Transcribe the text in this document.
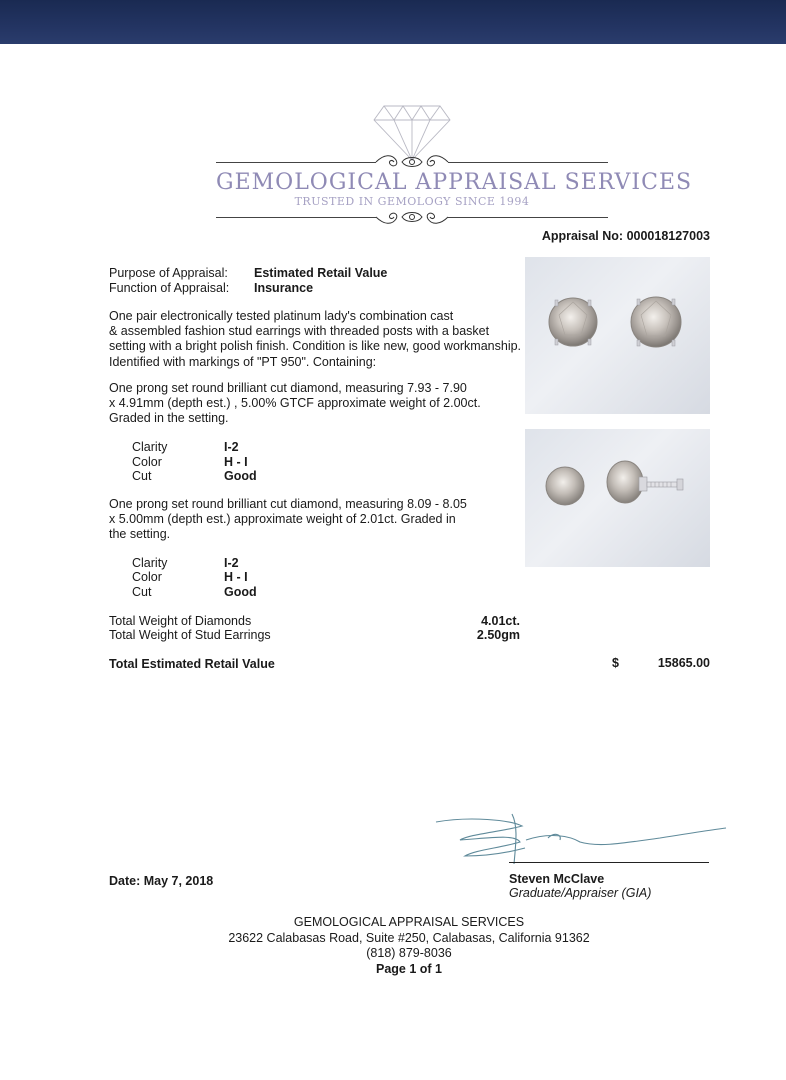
GEMOLOGICAL APPRAISAL SERVICES
TRUSTED IN GEMOLOGY SINCE 1994
Appraisal No: 000018127003
Purpose of Appraisal: Estimated Retail Value
Function of Appraisal: Insurance
One pair electronically tested platinum lady's combination cast
& assembled fashion stud earrings with threaded posts with a basket
setting with a bright polish finish. Condition is like new, good workmanship.
Identified with markings of "PT 950". Containing:
One prong set round brilliant cut diamond, measuring 7.93 - 7.90
x 4.91mm (depth est.) , 5.00% GTCF approximate weight of 2.00ct.
Graded in the setting.
Clarity	I-2
Color	H - I
Cut	Good
One prong set round brilliant cut diamond, measuring 8.09 - 8.05
x 5.00mm (depth est.) approximate weight of 2.01ct. Graded in
the setting.
Clarity	I-2
Color	H - I
Cut	Good
Total Weight of Diamonds	4.01ct.
Total Weight of Stud Earrings	2.50gm
Total Estimated Retail Value	$	15865.00
Date: May 7, 2018	Steven McClave
Graduate/Appraiser (GIA)
GEMOLOGICAL APPRAISAL SERVICES
23622 Calabasas Road, Suite #250, Calabasas, California 91362
(818) 879-8036
Page 1 of 1
